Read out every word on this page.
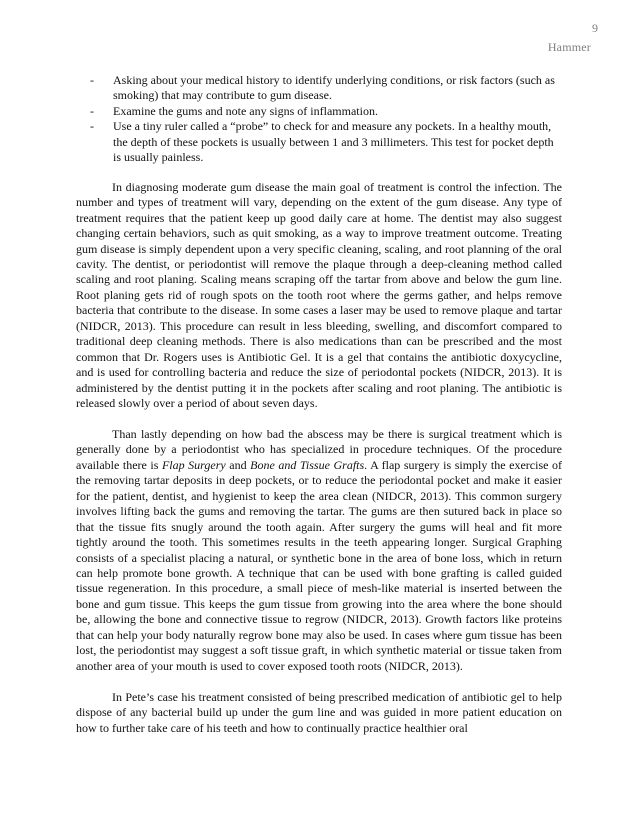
9
Hammer
- Asking about your medical history to identify underlying conditions, or risk factors (such as smoking) that may contribute to gum disease.
- Examine the gums and note any signs of inflammation.
- Use a tiny ruler called a “probe” to check for and measure any pockets. In a healthy mouth, the depth of these pockets is usually between 1 and 3 millimeters. This test for pocket depth is usually painless.

In diagnosing moderate gum disease the main goal of treatment is control the infection. The number and types of treatment will vary, depending on the extent of the gum disease. Any type of treatment requires that the patient keep up good daily care at home. The dentist may also suggest changing certain behaviors, such as quit smoking, as a way to improve treatment outcome. Treating gum disease is simply dependent upon a very specific cleaning, scaling, and root planning of the oral cavity. The dentist, or periodontist will remove the plaque through a deep-cleaning method called scaling and root planing. Scaling means scraping off the tartar from above and below the gum line. Root planing gets rid of rough spots on the tooth root where the germs gather, and helps remove bacteria that contribute to the disease. In some cases a laser may be used to remove plaque and tartar (NIDCR, 2013). This procedure can result in less bleeding, swelling, and discomfort compared to traditional deep cleaning methods. There is also medications than can be prescribed and the most common that Dr. Rogers uses is Antibiotic Gel. It is a gel that contains the antibiotic doxycycline, and is used for controlling bacteria and reduce the size of periodontal pockets (NIDCR, 2013). It is administered by the dentist putting it in the pockets after scaling and root planing. The antibiotic is released slowly over a period of about seven days.

Than lastly depending on how bad the abscess may be there is surgical treatment which is generally done by a periodontist who has specialized in procedure techniques. Of the procedure available there is Flap Surgery and Bone and Tissue Grafts. A flap surgery is simply the exercise of the removing tartar deposits in deep pockets, or to reduce the periodontal pocket and make it easier for the patient, dentist, and hygienist to keep the area clean (NIDCR, 2013). This common surgery involves lifting back the gums and removing the tartar. The gums are then sutured back in place so that the tissue fits snugly around the tooth again. After surgery the gums will heal and fit more tightly around the tooth. This sometimes results in the teeth appearing longer. Surgical Graphing consists of a specialist placing a natural, or synthetic bone in the area of bone loss, which in return can help promote bone growth. A technique that can be used with bone grafting is called guided tissue regeneration. In this procedure, a small piece of mesh-like material is inserted between the bone and gum tissue. This keeps the gum tissue from growing into the area where the bone should be, allowing the bone and connective tissue to regrow (NIDCR, 2013). Growth factors like proteins that can help your body naturally regrow bone may also be used. In cases where gum tissue has been lost, the periodontist may suggest a soft tissue graft, in which synthetic material or tissue taken from another area of your mouth is used to cover exposed tooth roots (NIDCR, 2013).

In Pete’s case his treatment consisted of being prescribed medication of antibiotic gel to help dispose of any bacterial build up under the gum line and was guided in more patient education on how to further take care of his teeth and how to continually practice healthier oral
